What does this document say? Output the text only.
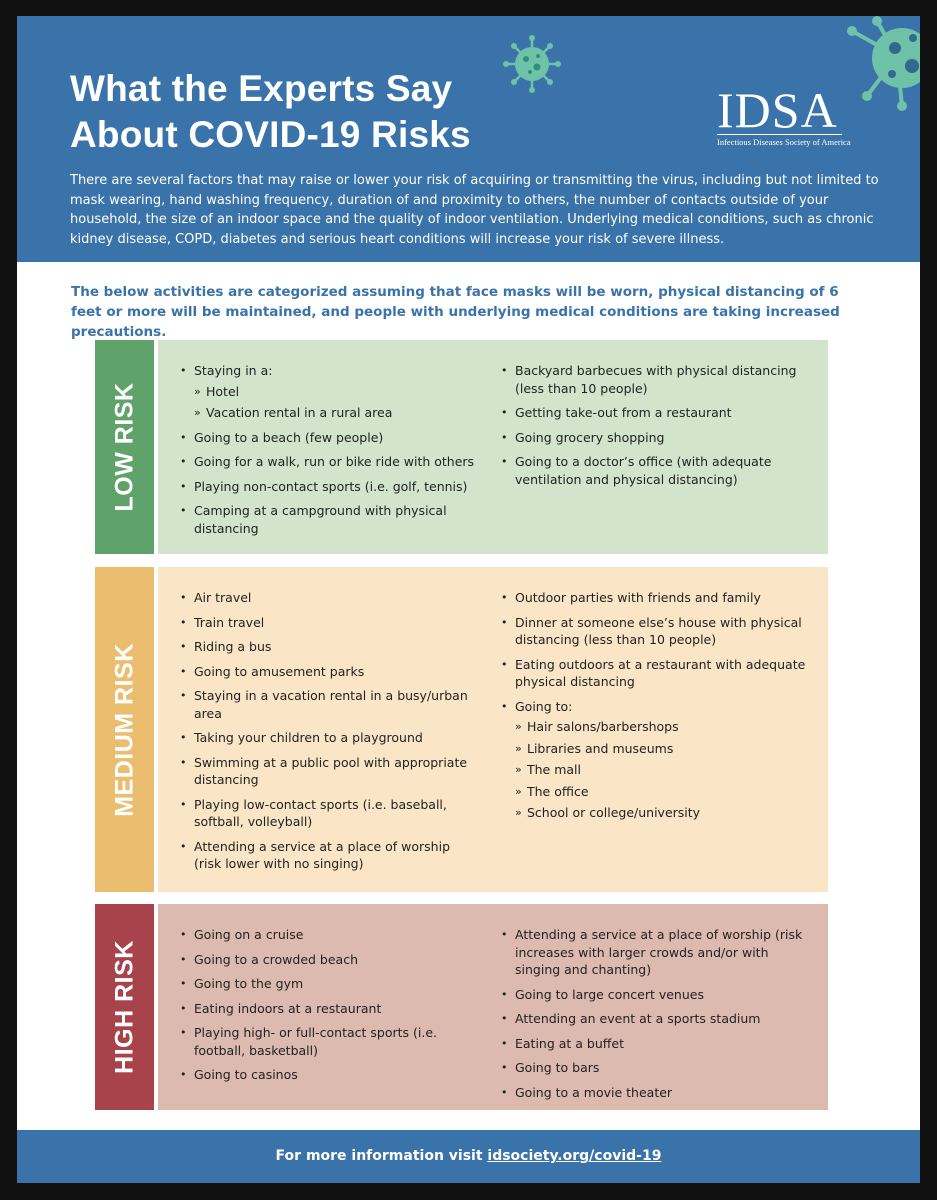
What the Experts Say
About COVID-19 Risks	IDSA
Infectious Diseases Society of America
There are several factors that may raise or lower your risk of acquiring or transmitting the virus, including but not limited to mask wearing, hand washing frequency, duration of and proximity to others, the number of contacts outside of your household, the size of an indoor space and the quality of indoor ventilation. Underlying medical conditions, such as chronic kidney disease, COPD, diabetes and serious heart conditions will increase your risk of severe illness.
The below activities are categorized assuming that face masks will be worn, physical distancing of 6 feet or more will be maintained, and people with underlying medical conditions are taking increased precautions.
LOW RISK
• Staying in a:
» Hotel
» Vacation rental in a rural area
• Going to a beach (few people)
• Going for a walk, run or bike ride with others
• Playing non-contact sports (i.e. golf, tennis)
• Camping at a campground with physical distancing
• Backyard barbecues with physical distancing (less than 10 people)
• Getting take-out from a restaurant
• Going grocery shopping
• Going to a doctor’s office (with adequate ventilation and physical distancing)
MEDIUM RISK
• Air travel
• Train travel
• Riding a bus
• Going to amusement parks
• Staying in a vacation rental in a busy/urban area
• Taking your children to a playground
• Swimming at a public pool with appropriate distancing
• Playing low-contact sports (i.e. baseball, softball, volleyball)
• Attending a service at a place of worship (risk lower with no singing)
• Outdoor parties with friends and family
• Dinner at someone else’s house with physical distancing (less than 10 people)
• Eating outdoors at a restaurant with adequate physical distancing
• Going to:
» Hair salons/barbershops
» Libraries and museums
» The mall
» The office
» School or college/university
HIGH RISK
• Going on a cruise
• Going to a crowded beach
• Going to the gym
• Eating indoors at a restaurant
• Playing high- or full-contact sports (i.e. football, basketball)
• Going to casinos
• Attending a service at a place of worship (risk increases with larger crowds and/or with singing and chanting)
• Going to large concert venues
• Attending an event at a sports stadium
• Eating at a buffet
• Going to bars
• Going to a movie theater
For more information visit idsociety.org/covid-19
